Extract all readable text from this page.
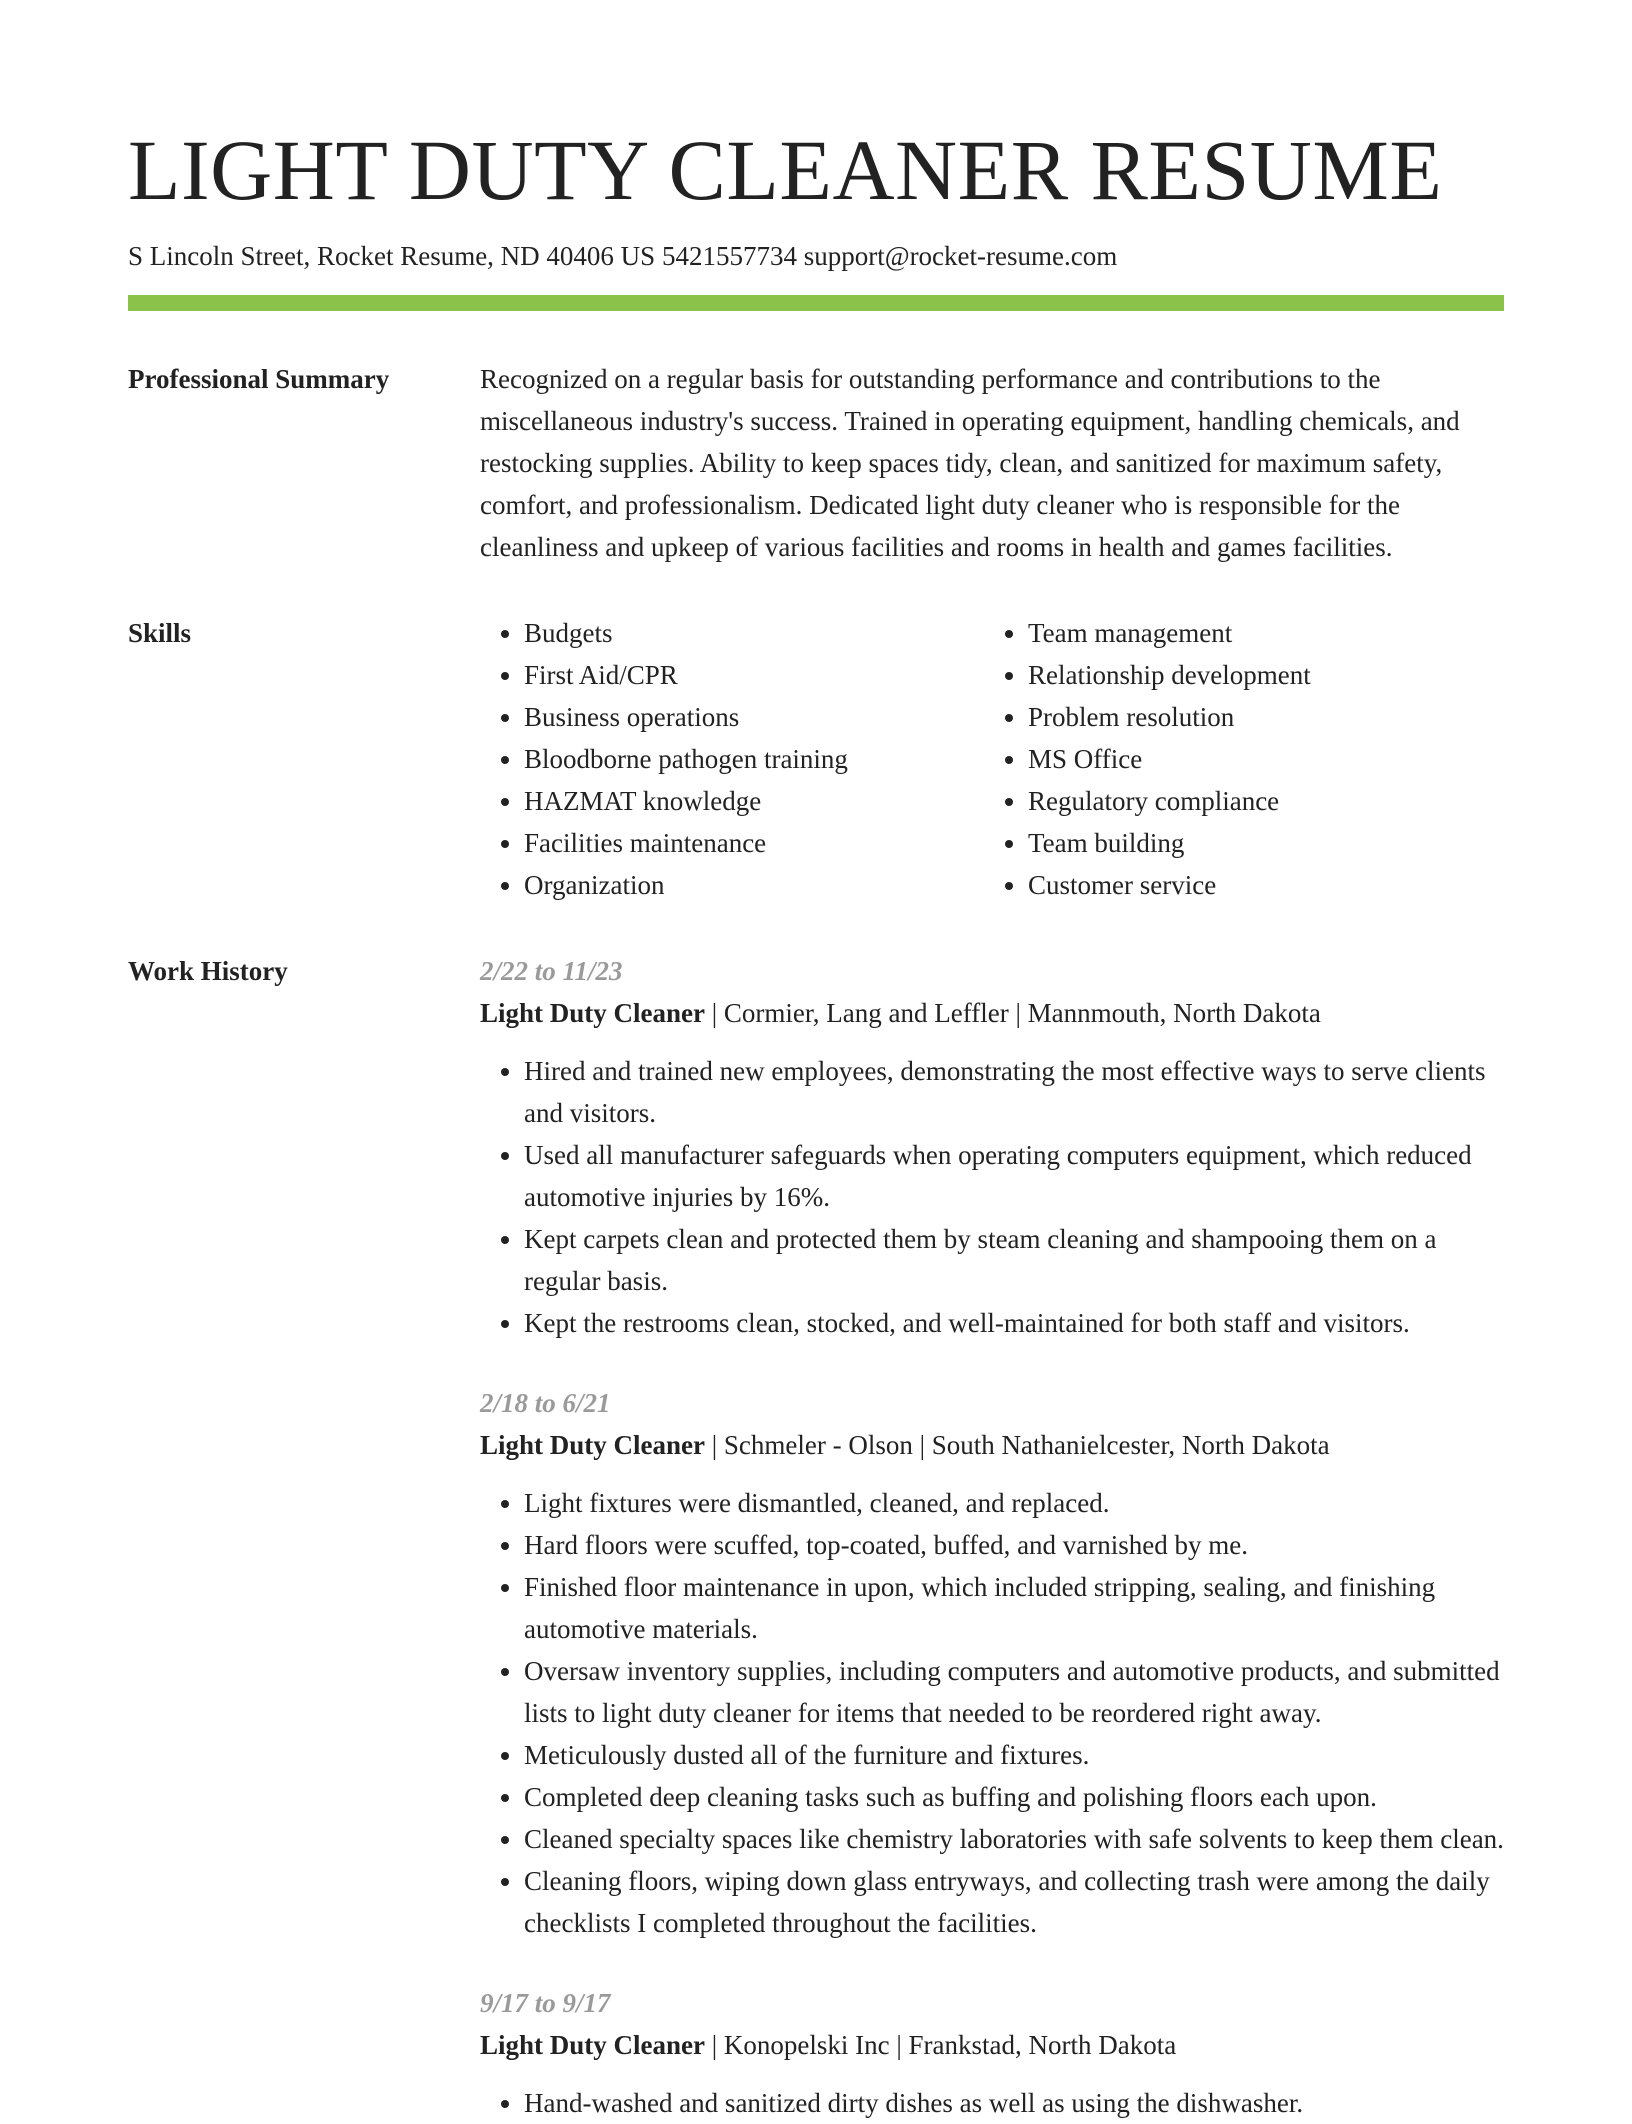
LIGHT DUTY CLEANER RESUME
S Lincoln Street, Rocket Resume, ND 40406 US 5421557734 support@rocket-resume.com
Professional Summary	Recognized on a regular basis for outstanding performance and contributions to the miscellaneous industry's success. Trained in operating equipment, handling chemicals, and restocking supplies. Ability to keep spaces tidy, clean, and sanitized for maximum safety, comfort, and professionalism. Dedicated light duty cleaner who is responsible for the cleanliness and upkeep of various facilities and rooms in health and games facilities.

Skills
•	Budgets
• First Aid/CPR
• Business operations
• Bloodborne pathogen training
• HAZMAT knowledge
• Facilities maintenance
• Organization
• Team management
• Relationship development
• Problem resolution
• MS Office
• Regulatory compliance
• Team building
• Customer service
Work History	2/22 to 11/23
Light Duty Cleaner | Cormier, Lang and Leffler | Mannmouth, North Dakota
• Hired and trained new employees, demonstrating the most effective ways to serve clients and visitors.
• Used all manufacturer safeguards when operating computers equipment, which reduced automotive injuries by 16%.
• Kept carpets clean and protected them by steam cleaning and shampooing them on a regular basis.
• Kept the restrooms clean, stocked, and well-maintained for both staff and visitors.
2/18 to 6/21
Light Duty Cleaner | Schmeler - Olson | South Nathanielcester, North Dakota
• Light fixtures were dismantled, cleaned, and replaced.
• Hard floors were scuffed, top-coated, buffed, and varnished by me.
• Finished floor maintenance in upon, which included stripping, sealing, and finishing automotive materials.
• Oversaw inventory supplies, including computers and automotive products, and submitted lists to light duty cleaner for items that needed to be reordered right away.
• Meticulously dusted all of the furniture and fixtures.
• Completed deep cleaning tasks such as buffing and polishing floors each upon.
• Cleaned specialty spaces like chemistry laboratories with safe solvents to keep them clean.
• Cleaning floors, wiping down glass entryways, and collecting trash were among the daily checklists I completed throughout the facilities.
9/17 to 9/17
Light Duty Cleaner | Konopelski Inc | Frankstad, North Dakota
• Hand-washed and sanitized dirty dishes as well as using the dishwasher.
